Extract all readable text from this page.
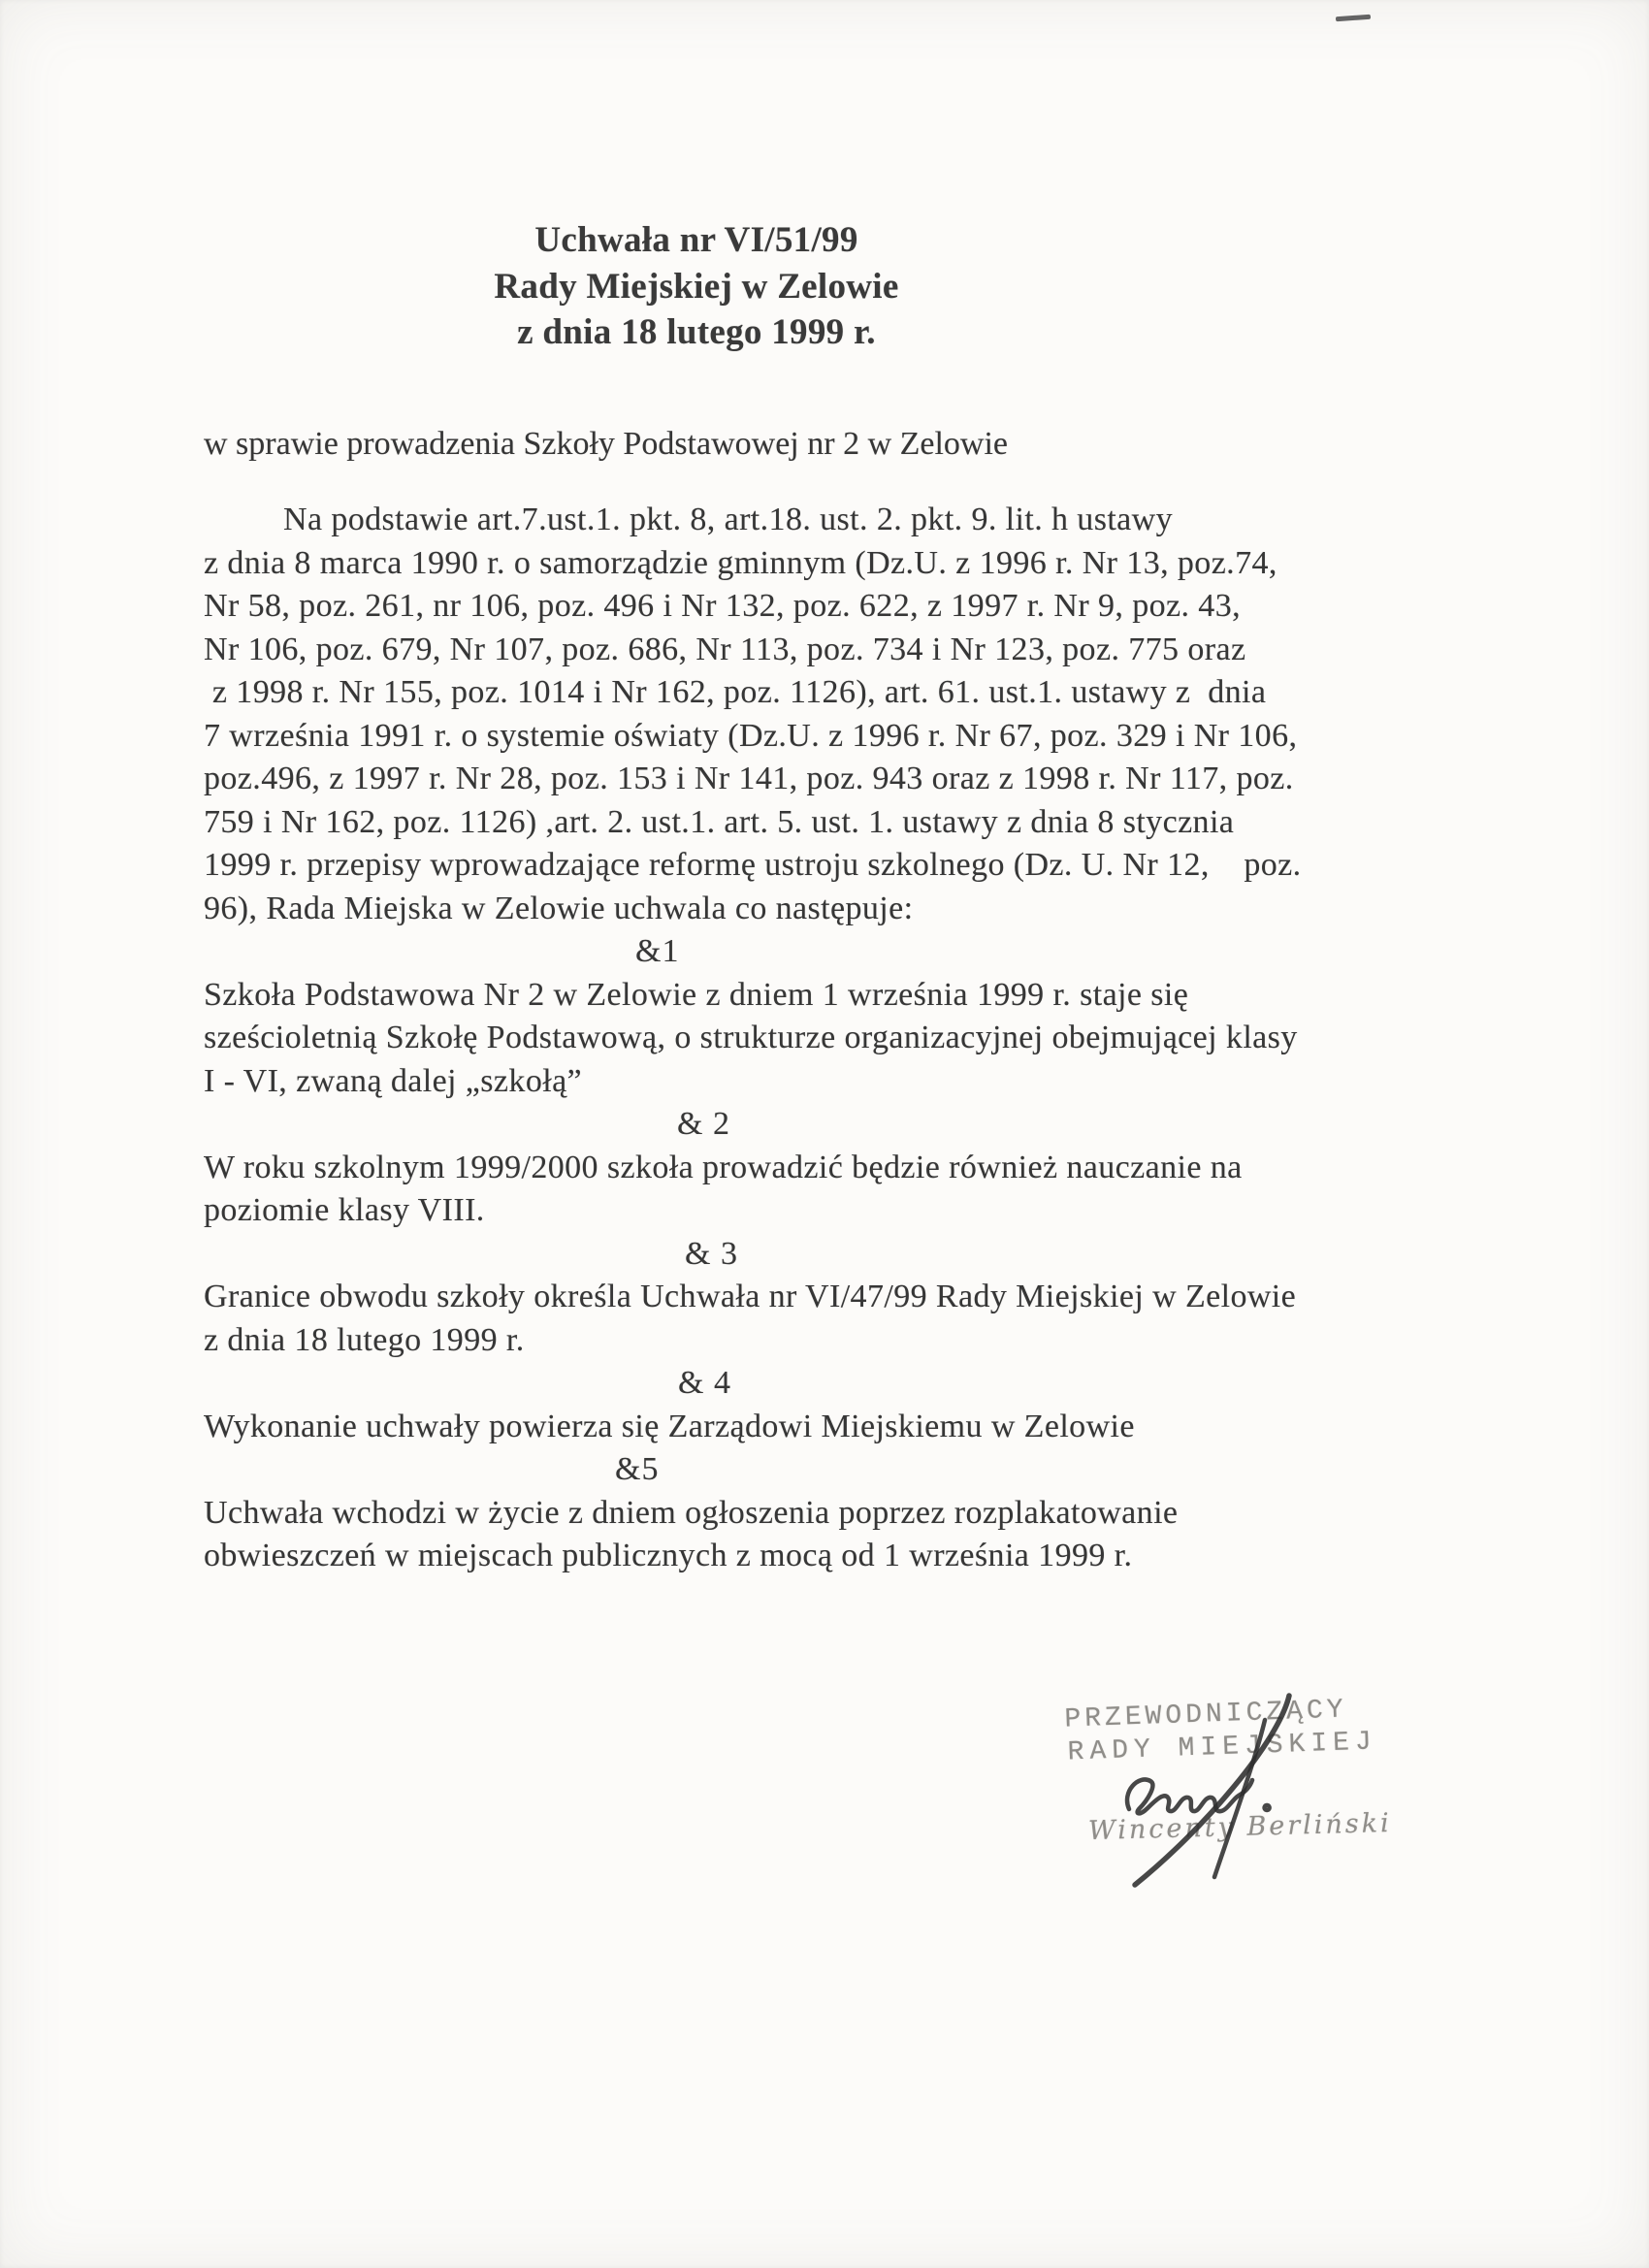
Uchwała nr VI/51/99
Rady Miejskiej w Zelowie
z dnia 18 lutego 1999 r.
w sprawie prowadzenia Szkoły Podstawowej nr 2 w Zelowie
Na podstawie art.7.ust.1. pkt. 8, art.18. ust. 2. pkt. 9. lit. h ustawy
z dnia 8 marca 1990 r. o samorządzie gminnym (Dz.U. z 1996 r. Nr 13, poz.74,
Nr 58, poz. 261, nr 106, poz. 496 i Nr 132, poz. 622, z 1997 r. Nr 9, poz. 43,
Nr 106, poz. 679, Nr 107, poz. 686, Nr 113, poz. 734 i Nr 123, poz. 775 oraz
z 1998 r. Nr 155, poz. 1014 i Nr 162, poz. 1126), art. 61. ust.1. ustawy z  dnia
7 września 1991 r. o systemie oświaty (Dz.U. z 1996 r. Nr 67, poz. 329 i Nr 106,
poz.496, z 1997 r. Nr 28, poz. 153 i Nr 141, poz. 943 oraz z 1998 r. Nr 117, poz.
759 i Nr 162, poz. 1126) ,art. 2. ust.1. art. 5. ust. 1. ustawy z dnia 8 stycznia
1999 r. przepisy wprowadzające reformę ustroju szkolnego (Dz. U. Nr 12,    poz.
96), Rada Miejska w Zelowie uchwala co następuje:
&1
Szkoła Podstawowa Nr 2 w Zelowie z dniem 1 września 1999 r. staje się
sześcioletnią Szkołę Podstawową, o strukturze organizacyjnej obejmującej klasy
I - VI, zwaną dalej „szkołą”
& 2
W roku szkolnym 1999/2000 szkoła prowadzić będzie również nauczanie na
poziomie klasy VIII.
& 3
Granice obwodu szkoły określa Uchwała nr VI/47/99 Rady Miejskiej w Zelowie
z dnia 18 lutego 1999 r.
& 4
Wykonanie uchwały powierza się Zarządowi Miejskiemu w Zelowie
&5
Uchwała wchodzi w życie z dniem ogłoszenia poprzez rozplakatowanie
obwieszczeń w miejscach publicznych z mocą od 1 września 1999 r.
PRZEWODNICZĄCY
RADY MIEJSKIEJ
Wincenty Berliński
